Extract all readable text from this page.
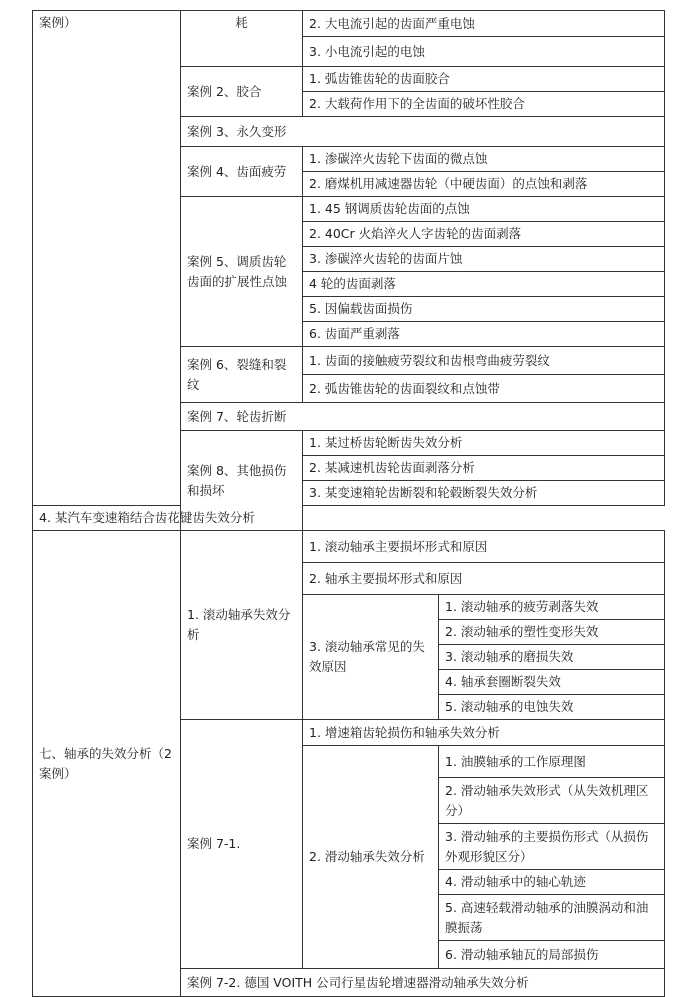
案例）	耗	2. 大电流引起的齿面严重电蚀	
		3. 小电流引起的电蚀	
	案例 2、胶合	1. 弧齿锥齿轮的齿面胶合	
		2. 大载荷作用下的全齿面的破坏性胶合	
	案例 3、永久变形		
	案例 4、齿面疲劳	1. 渗碳淬火齿轮下齿面的微点蚀	
		2. 磨煤机用减速器齿轮（中硬齿面）的点蚀和剥落	
	案例 5、调质齿轮齿面的扩展性点蚀	1. 45 钢调质齿轮齿面的点蚀	
		2. 40Cr 火焰淬火人字齿轮的齿面剥落	
		3. 渗碳淬火齿轮的齿面片蚀	
		4 轮的齿面剥落	
		5. 因偏载齿面损伤	
		6. 齿面严重剥落	
	案例 6、裂缝和裂纹	1. 齿面的接触疲劳裂纹和齿根弯曲疲劳裂纹	
		2. 弧齿锥齿轮的齿面裂纹和点蚀带	
	案例 7、轮齿折断		
	案例 8、其他损伤和损坏	1. 某过桥齿轮断齿失效分析	
		2. 某减速机齿轮齿面剥落分析	
		3. 某变速箱轮齿断裂和轮毂断裂失效分析	
4. 某汽车变速箱结合齿花键齿失效分析			
七、轴承的失效分析（2 案例）	1. 滚动轴承失效分析	1. 滚动轴承主要损坏形式和原因	
		2. 轴承主要损坏形式和原因	
		3. 滚动轴承常见的失效原因	1. 滚动轴承的疲劳剥落失效
			2. 滚动轴承的塑性变形失效
			3. 滚动轴承的磨损失效
			4. 轴承套圈断裂失效
			5. 滚动轴承的电蚀失效
	案例 7-1.	1. 增速箱齿轮损伤和轴承失效分析	
		2. 滑动轴承失效分析	1. 油膜轴承的工作原理图
			2. 滑动轴承失效形式（从失效机理区分）
			3. 滑动轴承的主要损伤形式（从损伤外观形貌区分）
			4. 滑动轴承中的轴心轨迹
			5. 高速轻载滑动轴承的油膜涡动和油膜振荡
			6. 滑动轴承轴瓦的局部损伤
	案例 7-2. 德国 VOITH 公司行星齿轮增速器滑动轴承失效分析		
